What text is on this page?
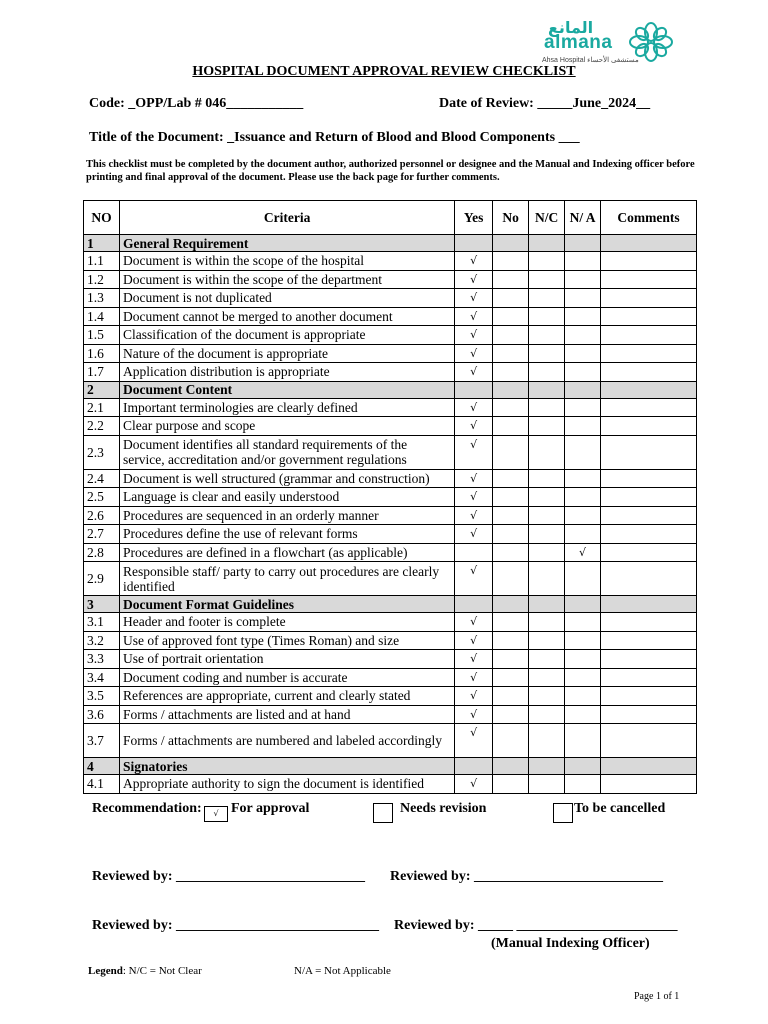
المانع
almana
Ahsa Hospital مستشفى الأحساء
HOSPITAL DOCUMENT APPROVAL REVIEW CHECKLIST
Code: _OPP/Lab # 046___________	Date of Review: _____June_2024__
Title of the Document: _Issuance and Return of Blood and Blood Components ___
This checklist must be completed by the document author, authorized personnel or designee and the Manual and Indexing officer before printing and final approval of the document. Please use the back page for further comments.
NO	Criteria	Yes	No	N/C	N/ A	Comments
1	General Requirement					
1.1	Document is within the scope of the hospital	√				
1.2	Document is within the scope of the department	√				
1.3	Document is not duplicated	√				
1.4	Document cannot be merged to another document	√				
1.5	Classification of the document is appropriate	√				
1.6	Nature of the document is appropriate	√				
1.7	Application distribution is appropriate	√				
2	Document Content					
2.1	Important terminologies are clearly defined	√				
2.2	Clear purpose and scope	√				
2.3	Document identifies all standard requirements of the service, accreditation and/or government regulations	√				
2.4	Document is well structured (grammar and construction)	√				
2.5	Language is clear and easily understood	√				
2.6	Procedures are sequenced in an orderly manner	√				
2.7	Procedures define the use of relevant forms	√				
2.8	Procedures are defined in a flowchart (as applicable)				√	
2.9	Responsible staff/ party to carry out procedures are clearly identified	√				
3	Document Format Guidelines					
3.1	Header and footer is complete	√				
3.2	Use of approved font type (Times Roman) and size	√				
3.3	Use of portrait orientation	√				
3.4	Document coding and number is accurate	√				
3.5	References are appropriate, current and clearly stated	√				
3.6	Forms / attachments are listed and at hand	√				
3.7	Forms / attachments are numbered and labeled accordingly	√				
4	Signatories					
4.1	Appropriate authority to sign the document is identified	√				
Recommendation:	√ For approval	Needs revision	To be cancelled
Reviewed by: ___________________________ Reviewed by: ___________________________
Reviewed by: _____________________________ Reviewed by: _____ _______________________
(Manual Indexing Officer)
Legend: N/C = Not Clear	N/A = Not Applicable
Page 1 of 1
